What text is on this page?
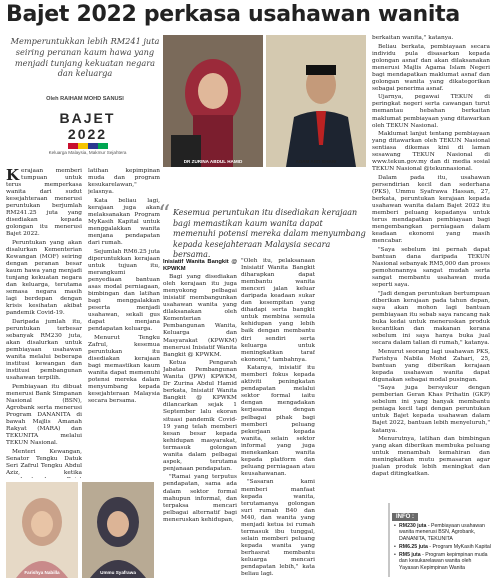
Bajet 2022 perkasa usahawan wanita
Memperuntukkan lebih RM241 juta seiring peranan kaum hawa yang menjadi tunjang kekuatan negara dan keluarga
Oleh RAIHAM MOHD SANUSI
BAJET 2022
Keluarga Malaysia, Makmur Sejahtera
DR ZURINA ABDUL HAMID	ADAM ABD GHANI
“ Kesemua peruntukan itu disediakan kerajaan bagi memastikan kaum wanita dapat memenuhi potensi mereka dalam menyumbang kepada kesejahteraan Malaysia secara bersama.

Kerajaan memberi tumpuan untuk terus memperkasa wanita dari sudut kesejahteraan menerusi peruntukan berjumlah RM241.25 juta yang disediakan kepada golongan itu menerusi Bajet 2022.

Peruntukan yang akan disalurkan Kementerian Kewangan (MOF) seiring dengan peranan besar kaum hawa yang menjadi tunjang kekuatan negara dan keluarga, terutama semasa negara masih lagi berdepan dengan krisis kesihatan akibat pandemik Covid-19.

Daripada jumlah itu, peruntukan terbesar sebanyak RM230 juta, akan disalurkan untuk pembiayaan usahawan wanita melalui beberapa institusi kewangan dan institusi pembangunan usahawan terpilih.

Pembiayaan itu dibuat menerusi Bank Simpanan Nasional (BSN), Agrobank serta menerusi Program DANANITA di bawah Majlis Amanah Rakyat (MARA) dan TEKUNITA melalui TEKUN Nasional.

Menteri Kewangan, Senator Tengku Datuk Seri Zafrul Tengku Abdul Aziz, ketika

Farishya Nabilla	Ummu Syafrawa

latihan kepimpinan muda dan program kesukarelawan," jelasnya.

Kata beliau lagi, kerajaan juga akan melaksanakan Program MyKasih Kapital untuk menggalakkan wanita menjana pendapatan dari rumah.

Sejumlah RM6.25 juta diperuntukkan kerajaan untuk tujuan itu, merangkumi penyediaan bantuan asas modal perniagaan, bimbingan dan latihan bagi menggalakkan peserta menjadi usahawan, sekali gus dapat menjana pendapatan keluarga.

Menurut Tengku Zafrul, kesemua peruntukan itu disediakan kerajaan bagi memastikan kaum wanita dapat memenuhi potensi mereka dalam menyumbang kepada kesejahteraan Malaysia secara bersama.

Inisiatif Wanita Bangkit @ KPWKM

Bagi yang disediakan oleh kerajaan itu juga menyokong pelbagai inisiatif membangunkan usahawan wanita yang dilaksanakan oleh Kementerian Pembangunan Wanita, Keluarga dan Masyarakat (KPWKM) menerusi Inisiatif Wanita Bangkit @ KPWKM.

Ketua Pengarah Jabatan Pembangunan Wanita (JPW) KPWKM, Dr Zurina Abdul Hamid berkata, Inisiatif Wanita Bangkit @ KPWKM dilancarkan sejak 1 September lalu ekoran situasi pandemik Covid-19 yang telah memberi kesan besar kepada kehidupan masyarakat, termasuk golongan wanita dalam pelbagai aspek, terutama penjanaan pendapatan.

"Ramai yang terputus pendapatan, sama ada dalam sektor formal mahupun informal, dan terpaksa mencari pelbagai alternatif bagi meneruskan kehidupan,

"Oleh itu, pelaksanaan Inisiatif Wanita Bangkit diharapkan dapat membantu wanita menceri jalan keluar daripada keadaan sukar dan kesempitan yang dihadapi serta bangkit untuk membina semula kehidupan yang lebih baik dengan membantu diri sendiri serta keluarga untuk meningkatkan taraf ekonomi," tambahnya.

Katanya, inisiatif itu memberi fokus kepada aktiviti peningkatan pendapatan melalui sektor formal iaitu dengan mengadakan kerjasama dengan pelbagai pihak bagi memberi peluang pekerjaan kepada wanita, selain sektor informal yang juga menekankan wanita kepada platform dan peluang perniagaan atau keusahawanan.

"Sasaran kami memberi manfaat kepada wanita, terutamanya golongan suri rumah B40 dan M40, dan wanita yang menjadi ketua isi rumah termasuk ibu tunggal, selain memberi peluang kepada wanita yang berhasrat membantu keluarga mencari pendapatan lebih," kata beliau lagi.

berkaitan wanita," katanya.

Beliau berkata, pembiayaan secara individu pula disasarkan kepada golongan asnaf dan akan dilaksanakan menerusi Majlis Agama Islam Negeri bagi mendapatkan maklumat asnaf dan golongan wanita yang dikategorikan sebagai penerima asnaf.

Ujarnya, pegawai TEKUN di peringkat negeri serta cawangan turut memantau hebahan berkaitan maklumat pembiayaan yang ditawarkan oleh TEKUN Nasional.

Maklumat lanjut tentang pembiayaan yang ditawarkan oleh TEKUN Nasional sentiasa dikemas kini di laman sesawang TEKUN Nasional di www.tekun.gov.my dan di media sosial TEKUN Nasional @tekunnasional.

Dalam pada itu, usahawan persendirian kecil dan sederhana (PKS), Ummu Syafrawa Hassan, 27, berkata, peruntukan kerajaan kepada usahawan wanita dalam Bajet 2022 itu memberi peluang kepadanya untuk terus mendapatkan pembiayaan bagi mengembangkan perniagaan dalam keadaan ekonomi yang masih mencabar.

"Saya sebelum ini pernah dapat bantuan dana daripada TEKUN Nasional sebanyak RM5,000 dan proses pemohonannya sangat mudah serta sangat membantu usahawan muda seperti saya.

"Jadi dengan peruntukan bertumpuan diberikan kerajaan pada tahun depan, saya akan mohon lagi bantuan pembiayaan itu sebab saya rancang nak buka kedai untuk meneruskan produk kecantikan dan makanan kerana sebelum ini saya hanya buka jual secara dalam talian di rumah," katanya.

Menurut seorang lagi usahawan PKS, Farishya Nabila Mohd Zahari, 25, bantuan yang diberikan kerajaan kepada usahawan wanita dapat digunakan sebagai modal pusingan.

"Saya juga bersyukur dengan pemberian Geran Khas Prihatin (GKP) sebelum ini yang banyak membantu peniaga kecil tapi dengan peruntukan untuk Bajet kepada usahawan dalam Bajet 2022, bantuan lebih menyeluruh," katanya.

Menurutnya, latihan dan bimbingan yang akan diberikan membuka peluang untuk menambah kemahiran dan meningkatkan mutu pemasaran agar jualan produk lebih meningkat dan dapat ditingkatkan.

INFO :
• RM230 juta - Pembiayaan usahawan wanita menerusi BSN, Agrobank, DANANITA, TEKUNITA
• RM6.25 juta - Program MyKasih Kapital
• RM5 juta - Program kepimpinan muda dan kesukarelawan wanita oleh Yayasan Kepimpinan Wanita
